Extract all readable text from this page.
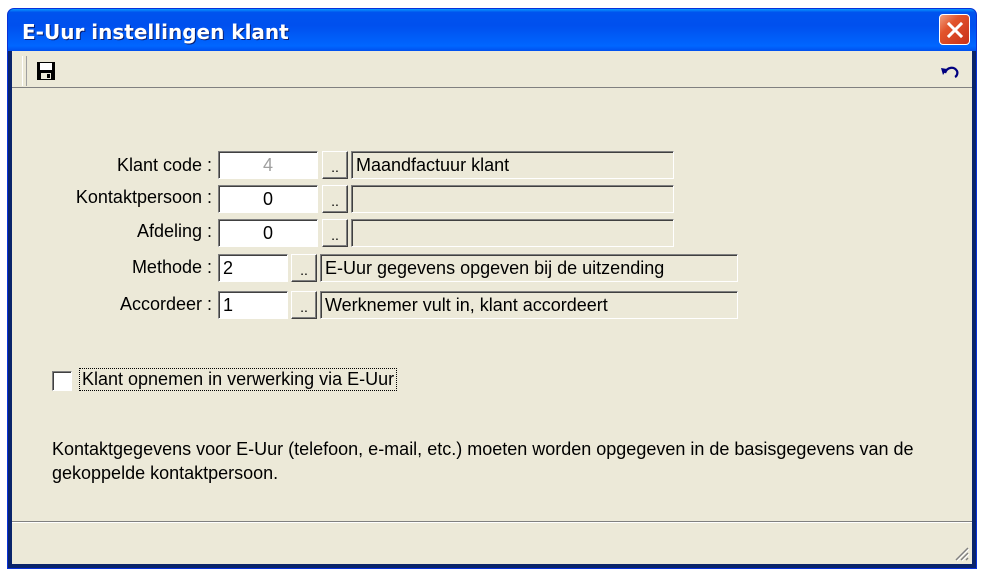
E-Uur instellingen klant
Klant code :	4	.. Maandfactuur klant
Kontaktpersoon :	0	..
Afdeling :	0	..
Methode : 2	.. E-Uur gegevens opgeven bij de uitzending
Accordeer : 1	.. Werknemer vult in, klant accordeert
Klant opnemen in verwerking via E-Uur
Kontaktgegevens voor E-Uur (telefoon, e-mail, etc.) moeten worden opgegeven in de basisgegevens van de gekoppelde kontaktpersoon.
